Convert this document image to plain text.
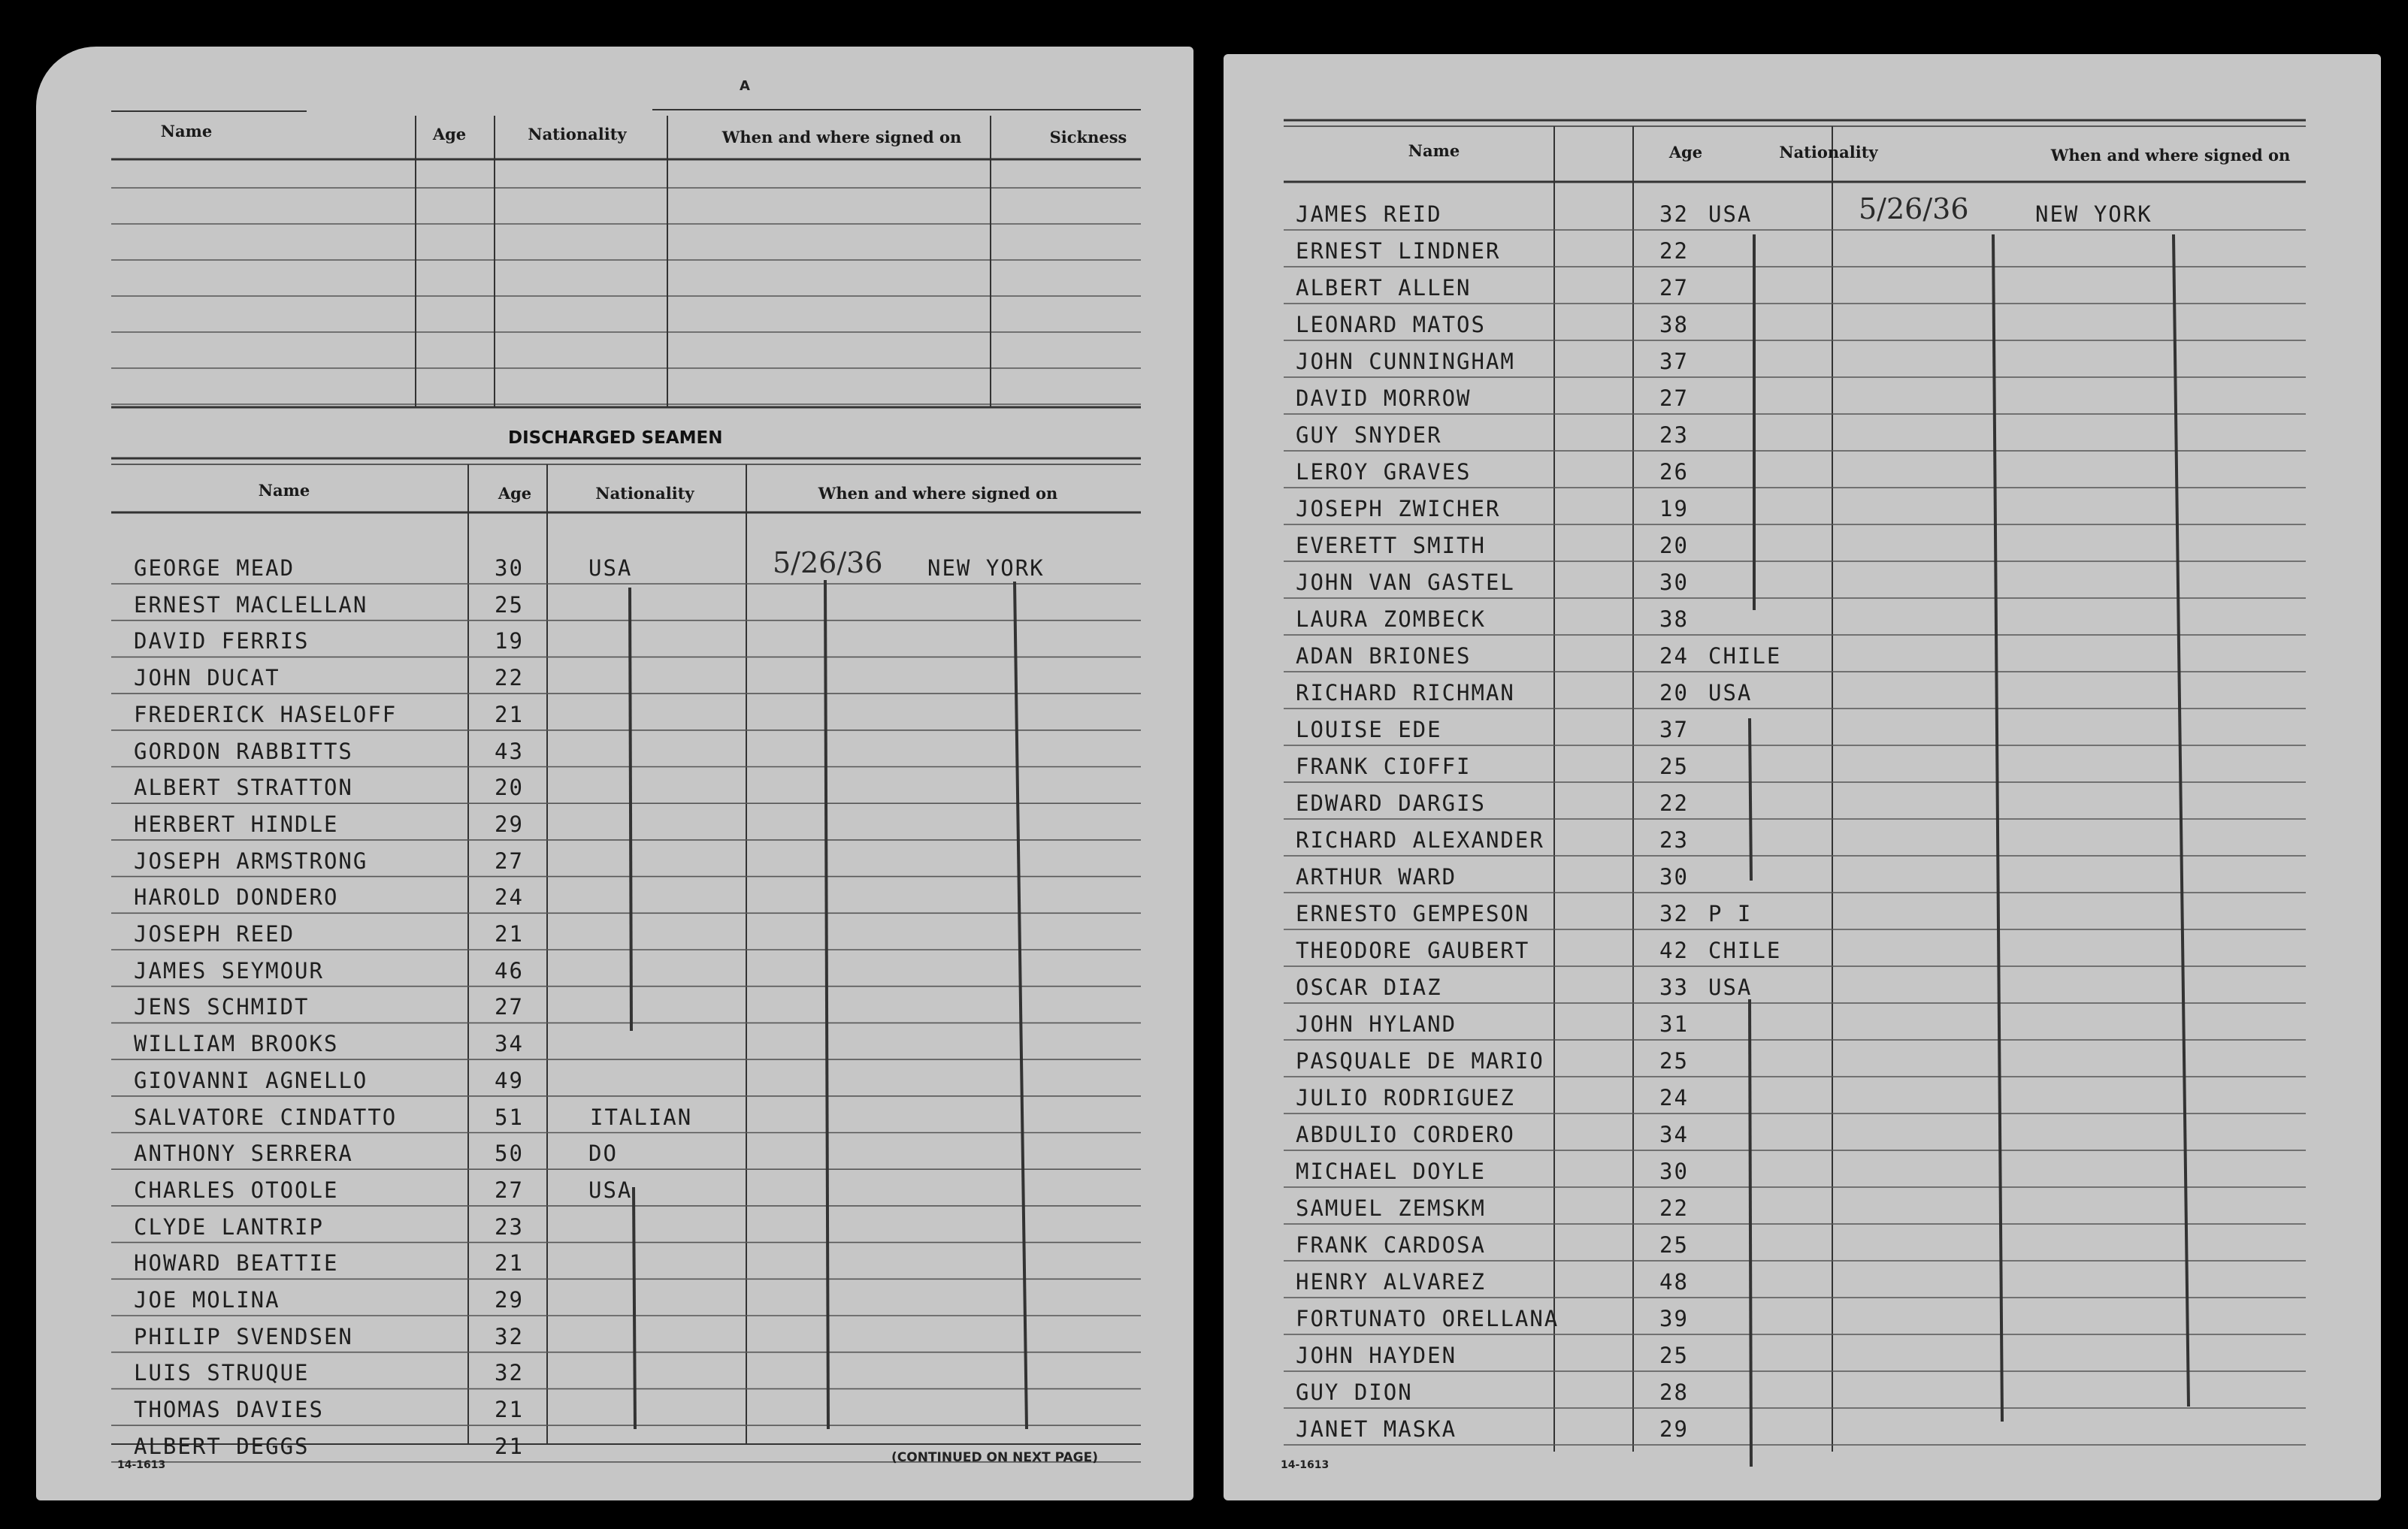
A
Name	Age	Nationality	When and where signed on	Sickness
DISCHARGED SEAMEN
Name	Age	Nationality	When and where signed on
GEORGE MEAD	30	USA	5/26/36 NEW YORK
ERNEST MACLELLAN	25
DAVID FERRIS	19
JOHN DUCAT	22
FREDERICK HASELOFF	21
GORDON RABBITTS	43
ALBERT STRATTON	20
HERBERT HINDLE	29
JOSEPH ARMSTRONG	27
HAROLD DONDERO	24
JOSEPH REED	21
JAMES SEYMOUR	46
JENS SCHMIDT	27
WILLIAM BROOKS	34
GIOVANNI AGNELLO	49
SALVATORE CINDATTO	51	ITALIAN
ANTHONY SERRERA	50	DO
CHARLES OTOOLE	27	USA
CLYDE LANTRIP	23
HOWARD BEATTIE	21
JOE MOLINA	29
PHILIP SVENDSEN	32
LUIS STRUQUE	32
THOMAS DAVIES	21
ALBERT DEGGS	21
14-1613	(CONTINUED ON NEXT PAGE)
Name	Age	Nationality	When and where signed on
JAMES REID	32 USA	5/26/36	NEW YORK
ERNEST LINDNER	22
ALBERT ALLEN	27
LEONARD MATOS	38
JOHN CUNNINGHAM	37
DAVID MORROW	27
GUY SNYDER	23
LEROY GRAVES	26
JOSEPH ZWICHER	19
EVERETT SMITH	20
JOHN VAN GASTEL	30
LAURA ZOMBECK	38
ADAN BRIONES	24 CHILE
RICHARD RICHMAN	20 USA
LOUISE EDE	37
FRANK CIOFFI	25
EDWARD DARGIS	22
RICHARD ALEXANDER	23
ARTHUR WARD	30
ERNESTO GEMPESON	32 P I
THEODORE GAUBERT	42 CHILE
OSCAR DIAZ	33 USA
JOHN HYLAND	31
PASQUALE DE MARIO	25
JULIO RODRIGUEZ	24
ABDULIO CORDERO	34
MICHAEL DOYLE	30
SAMUEL ZEMSKM	22
FRANK CARDOSA	25
HENRY ALVAREZ	48
FORTUNATO ORELLANA	39
JOHN HAYDEN	25
GUY DION	28
JANET MASKA	29
14-1613
